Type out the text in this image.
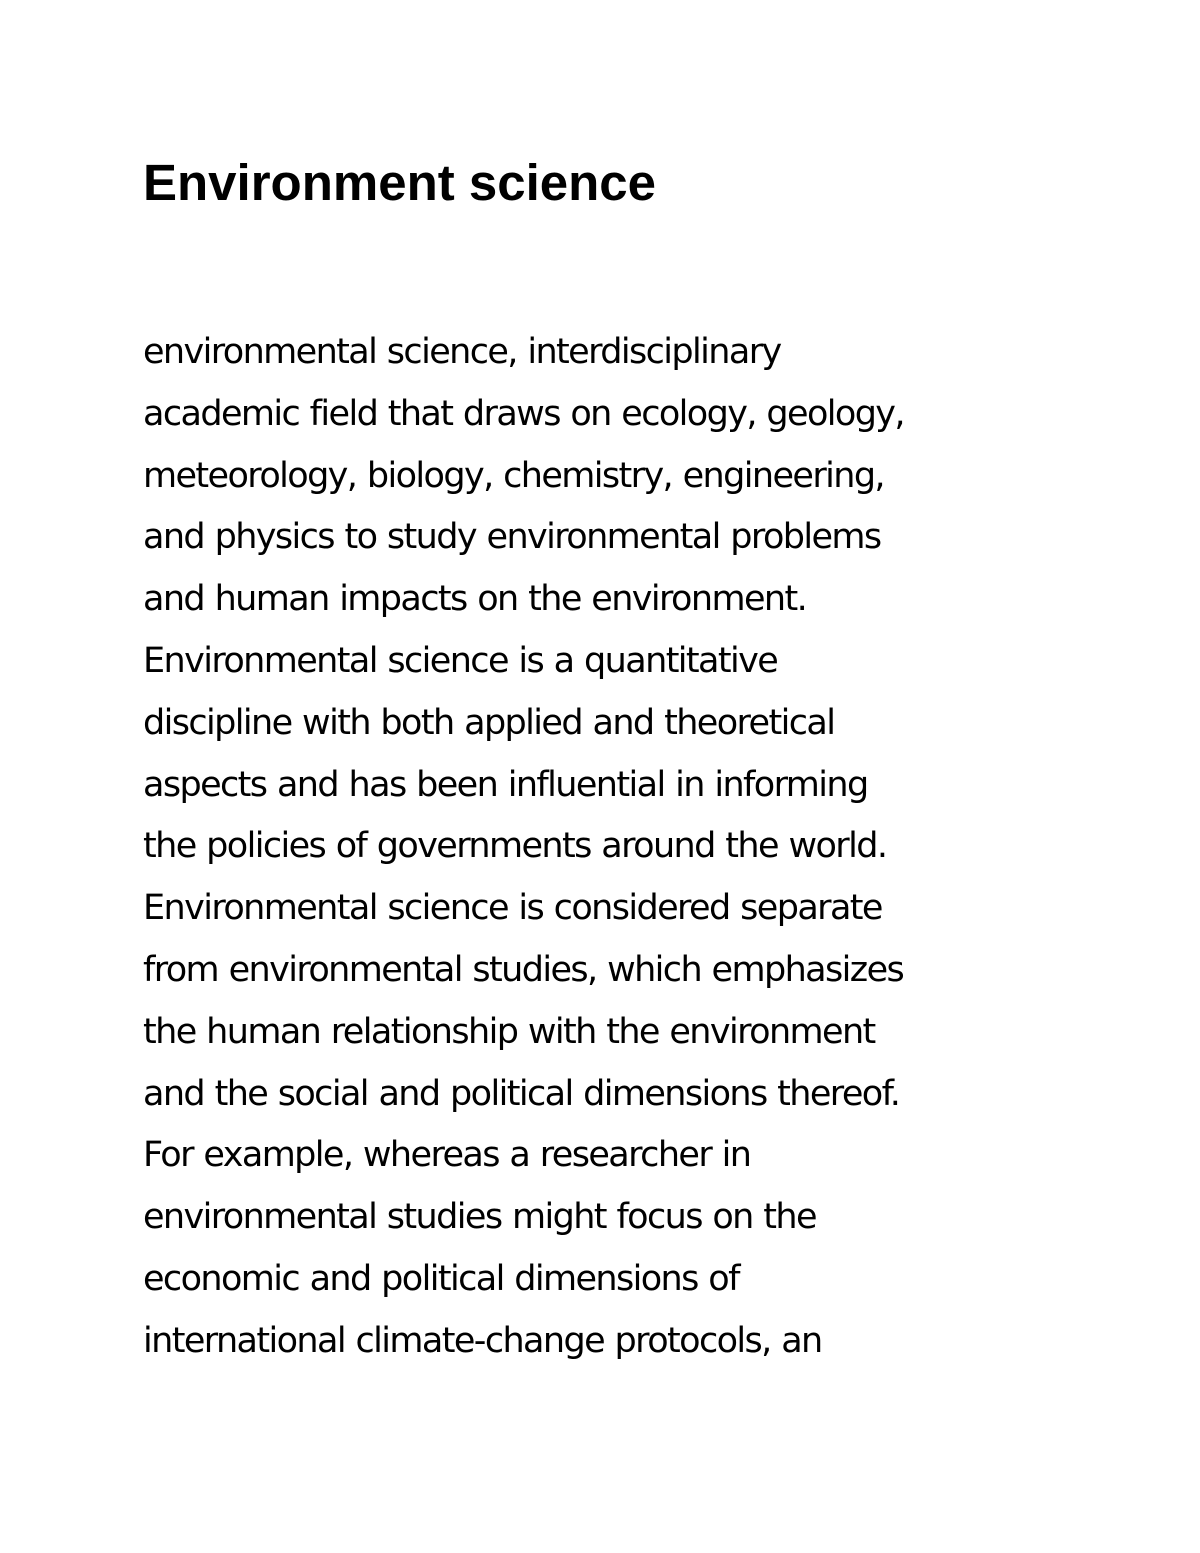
Environment science
environmental science, interdisciplinary
academic field that draws on ecology, geology,
meteorology, biology, chemistry, engineering,
and physics to study environmental problems
and human impacts on the environment.
Environmental science is a quantitative
discipline with both applied and theoretical
aspects and has been influential in informing
the policies of governments around the world.
Environmental science is considered separate
from environmental studies, which emphasizes
the human relationship with the environment
and the social and political dimensions thereof.
For example, whereas a researcher in
environmental studies might focus on the
economic and political dimensions of
international climate-change protocols, an
